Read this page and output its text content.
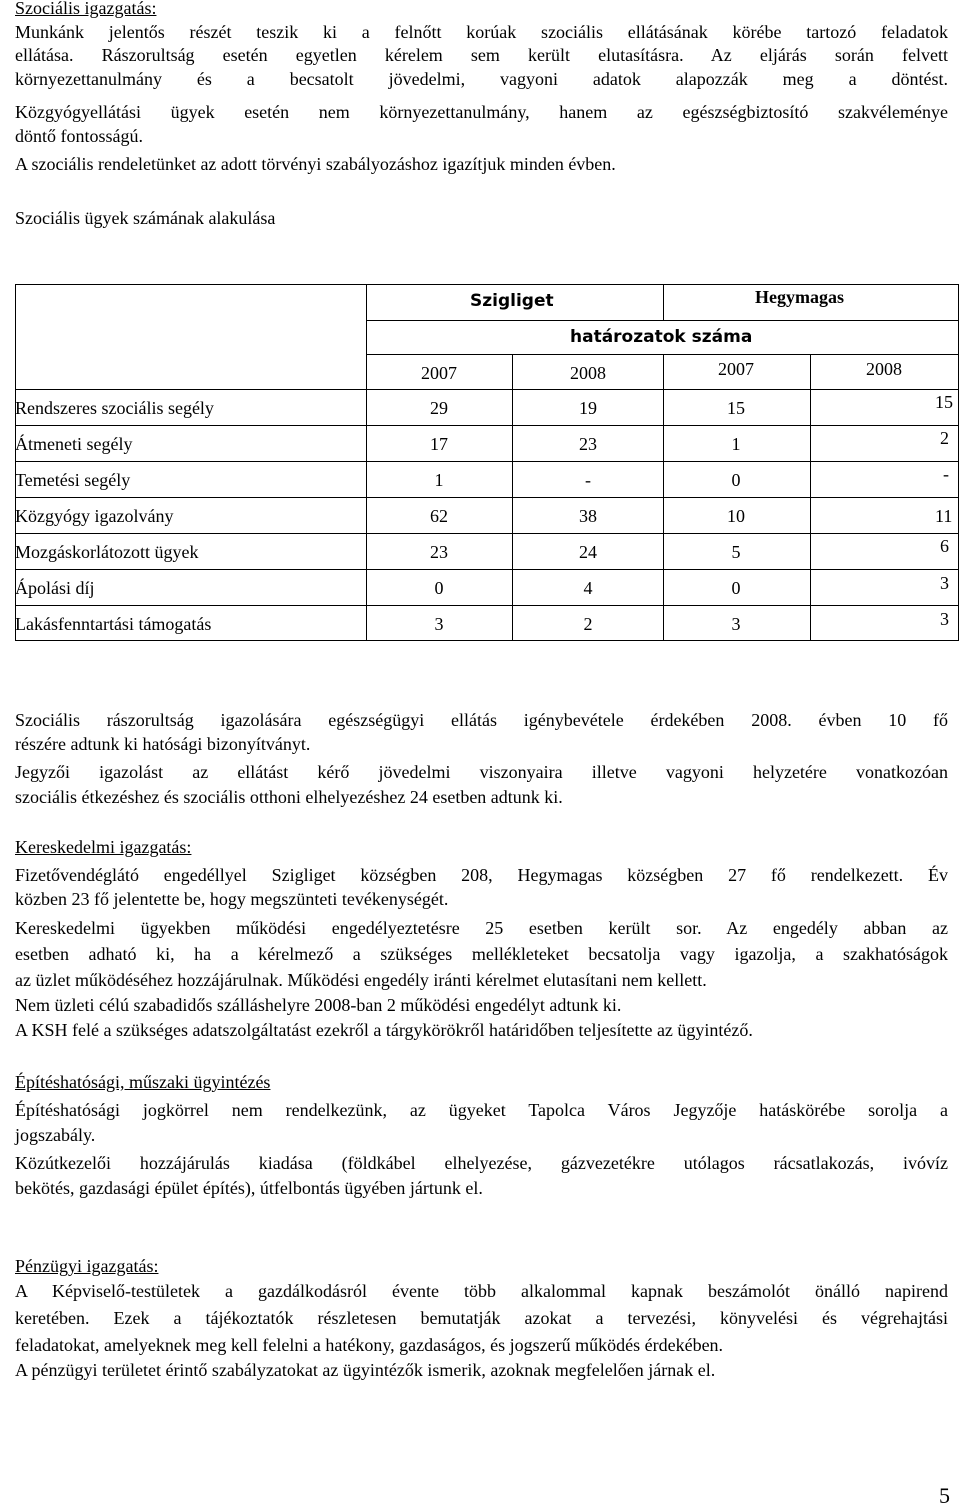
Szociális igazgatás:
Munkánk jelentős részét teszik ki a felnőtt korúak szociális ellátásának körébe tartozó feladatok
ellátása. Rászorultság esetén egyetlen kérelem sem került elutasításra. Az eljárás során felvett
környezettanulmány és a becsatolt jövedelmi, vagyoni adatok alapozzák meg a döntést.
Közgyógyellátási ügyek esetén nem környezettanulmány, hanem az egészségbiztosító szakvéleménye
döntő fontosságú.
A szociális rendeletünket az adott törvényi szabályozáshoz igazítjuk minden évben.
Szociális ügyek számának alakulása
Szigliget	Hegymagas
határozatok száma
2007	2008	2007	2008
Rendszeres szociális segély	29	19	15	15
Átmeneti segély	17	23	1	2
Temetési segély	1	-	0	-
Közgyógy igazolvány	62	38	10	11
Mozgáskorlátozott ügyek	23	24	5	6
Ápolási díj	0	4	0	3
Lakásfenntartási támogatás	3	2	3	3
Szociális rászorultság igazolására egészségügyi ellátás igénybevétele érdekében 2008. évben 10 fő
részére adtunk ki hatósági bizonyítványt.
Jegyzői igazolást az ellátást kérő jövedelmi viszonyaira illetve vagyoni helyzetére vonatkozóan
szociális étkezéshez és szociális otthoni elhelyezéshez 24 esetben adtunk ki.
Kereskedelmi igazgatás:
Fizetővendéglátó engedéllyel Szigliget községben 208, Hegymagas községben 27 fő rendelkezett. Év
közben 23 fő jelentette be, hogy megszünteti tevékenységét.
Kereskedelmi ügyekben működési engedélyeztetésre 25 esetben került sor. Az engedély abban az
esetben adható ki, ha a kérelmező a szükséges mellékleteket becsatolja vagy igazolja, a szakhatóságok
az üzlet működéséhez hozzájárulnak. Működési engedély iránti kérelmet elutasítani nem kellett.
Nem üzleti célú szabadidős szálláshelyre 2008-ban 2 működési engedélyt adtunk ki.
A KSH felé a szükséges adatszolgáltatást ezekről a tárgykörökről határidőben teljesítette az ügyintéző.
Építéshatósági, műszaki ügyintézés
Építéshatósági jogkörrel nem rendelkezünk, az ügyeket Tapolca Város Jegyzője hatáskörébe sorolja a
jogszabály.
Közútkezelői hozzájárulás kiadása (földkábel elhelyezése, gázvezetékre utólagos rácsatlakozás, ivóvíz
bekötés, gazdasági épület építés), útfelbontás ügyében jártunk el.
Pénzügyi igazgatás:
A Képviselő-testületek a gazdálkodásról évente több alkalommal kapnak beszámolót önálló napirend
keretében. Ezek a tájékoztatók részletesen bemutatják azokat a tervezési, könyvelési és végrehajtási
feladatokat, amelyeknek meg kell felelni a hatékony, gazdaságos, és jogszerű működés érdekében.
A pénzügyi területet érintő szabályzatokat az ügyintézők ismerik, azoknak megfelelően járnak el.
5
